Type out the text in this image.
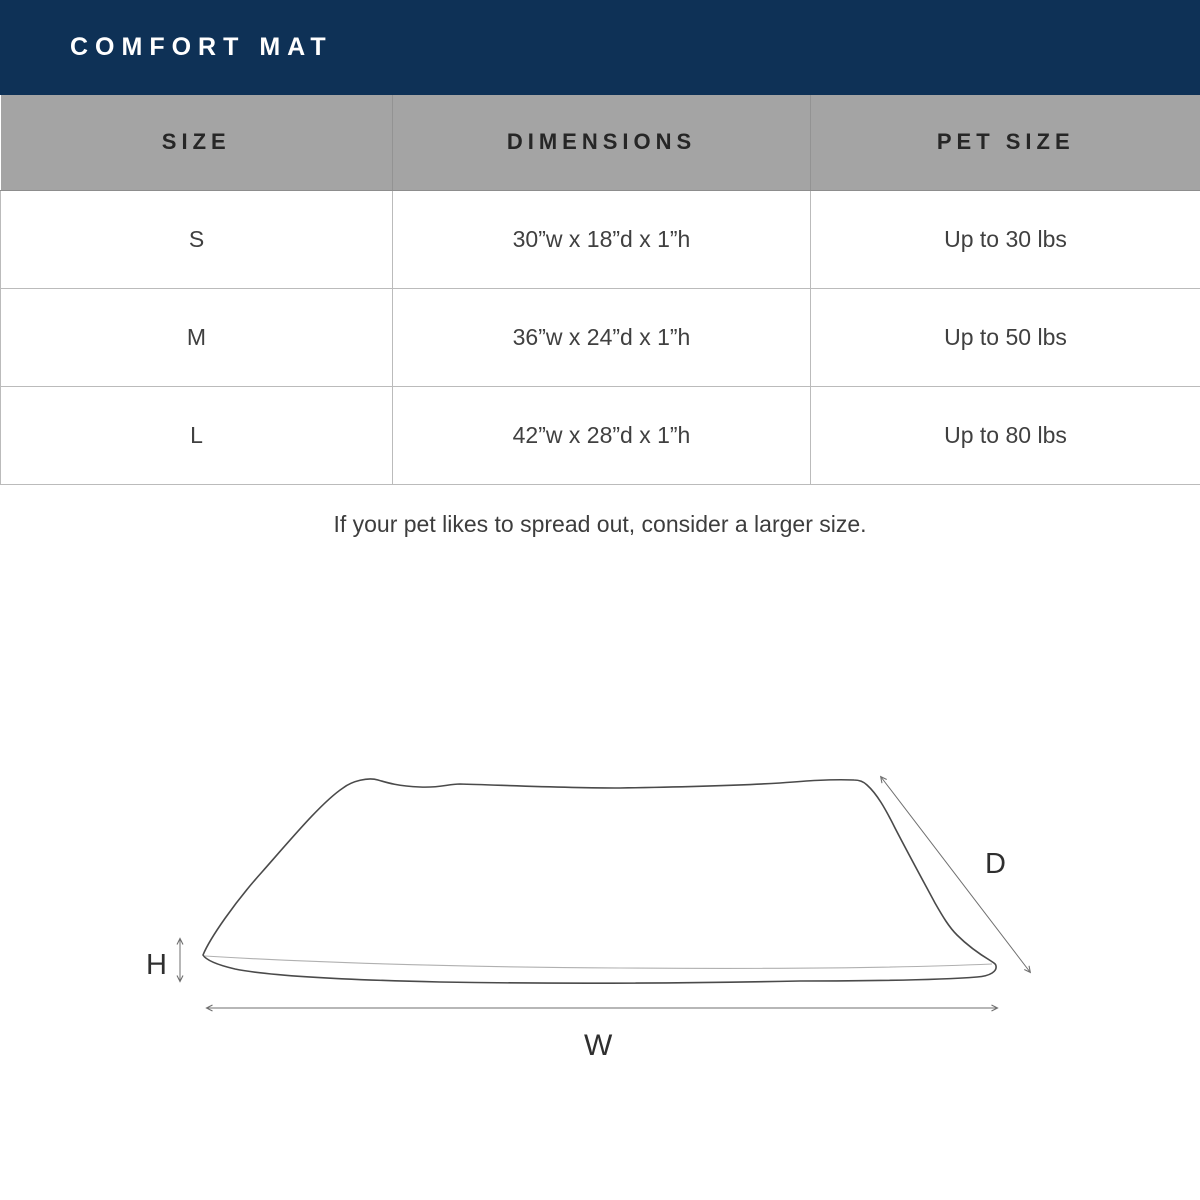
COMFORT MAT
SIZE	DIMENSIONS	PET SIZE
S	30”w x 18”d x 1”h	Up to 30 lbs
M	36”w x 24”d x 1”h	Up to 50 lbs
L	42”w x 28”d x 1”h	Up to 80 lbs

If your pet likes to spread out, consider a larger size.

D
H
W
